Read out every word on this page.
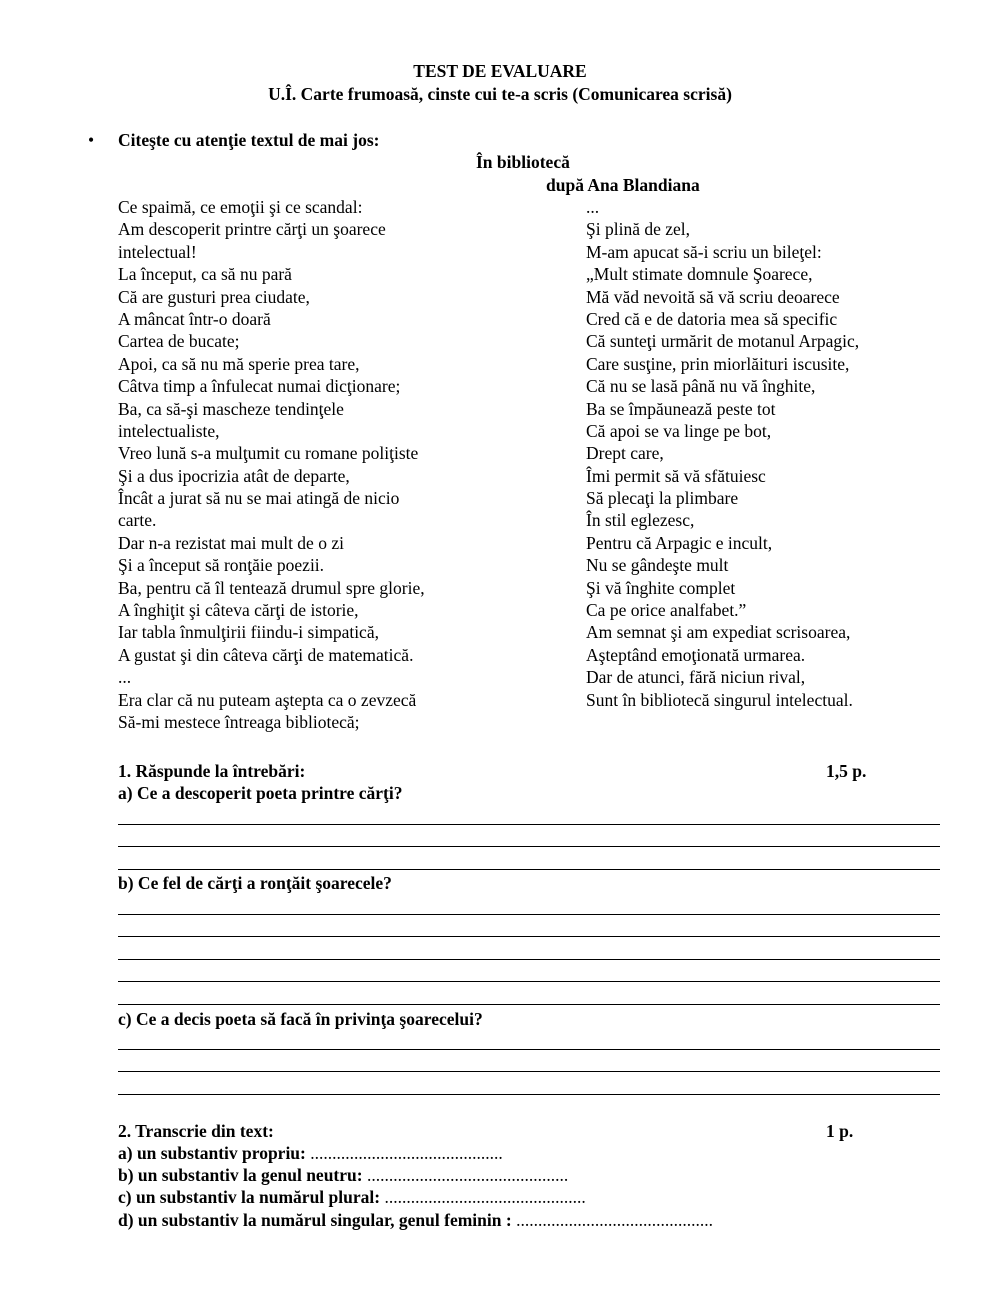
TEST DE EVALUARE
U.Î. Carte frumoasă, cinste cui te-a scris (Comunicarea scrisă)
• Citeşte cu atenţie textul de mai jos:
În bibliotecă
după Ana Blandiana
Ce spaimă, ce emoţii şi ce scandal:
Am descoperit printre cărţi un şoarece
intelectual!
La început, ca să nu pară
Că are gusturi prea ciudate,
A mâncat într-o doară
Cartea de bucate;
Apoi, ca să nu mă sperie prea tare,
Câtva timp a înfulecat numai dicţionare;
Ba, ca să-şi mascheze tendinţele
intelectualiste,
Vreo lună s-a mulţumit cu romane poliţiste
Şi a dus ipocrizia atât de departe,
Încât a jurat să nu se mai atingă de nicio
carte.
Dar n-a rezistat mai mult de o zi
Şi a început să ronţăie poezii.
Ba, pentru că îl tentează drumul spre glorie,
A înghiţit şi câteva cărţi de istorie,
Iar tabla înmulţirii fiindu-i simpatică,
A gustat şi din câteva cărţi de matematică.
...
Era clar că nu puteam aştepta ca o zevzecă
Să-mi mestece întreaga bibliotecă;
...
Şi plină de zel,
M-am apucat să-i scriu un bileţel:
„Mult stimate domnule Şoarece,
Mă văd nevoită să vă scriu deoarece
Cred că e de datoria mea să specific
Că sunteţi urmărit de motanul Arpagic,
Care susţine, prin miorlăituri iscusite,
Că nu se lasă până nu vă înghite,
Ba se împăunează peste tot
Că apoi se va linge pe bot,
Drept care,
Îmi permit să vă sfătuiesc
Să plecaţi la plimbare
În stil eglezesc,
Pentru că Arpagic e incult,
Nu se gândeşte mult
Şi vă înghite complet
Ca pe orice analfabet.”
Am semnat şi am expediat scrisoarea,
Aşteptând emoţionată urmarea.
Dar de atunci, fără niciun rival,
Sunt în bibliotecă singurul intelectual.
1. Răspunde la întrebări:	1,5 p.
a) Ce a descoperit poeta printre cărţi?
b) Ce fel de cărţi a ronţăit şoarecele?
c) Ce a decis poeta să facă în privinţa şoarecelui?
2. Transcrie din text:	1 p.
a) un substantiv propriu: ............................................
b) un substantiv la genul neutru: ..............................................
c) un substantiv la numărul plural: ..............................................
d) un substantiv la numărul singular, genul feminin : .............................................
